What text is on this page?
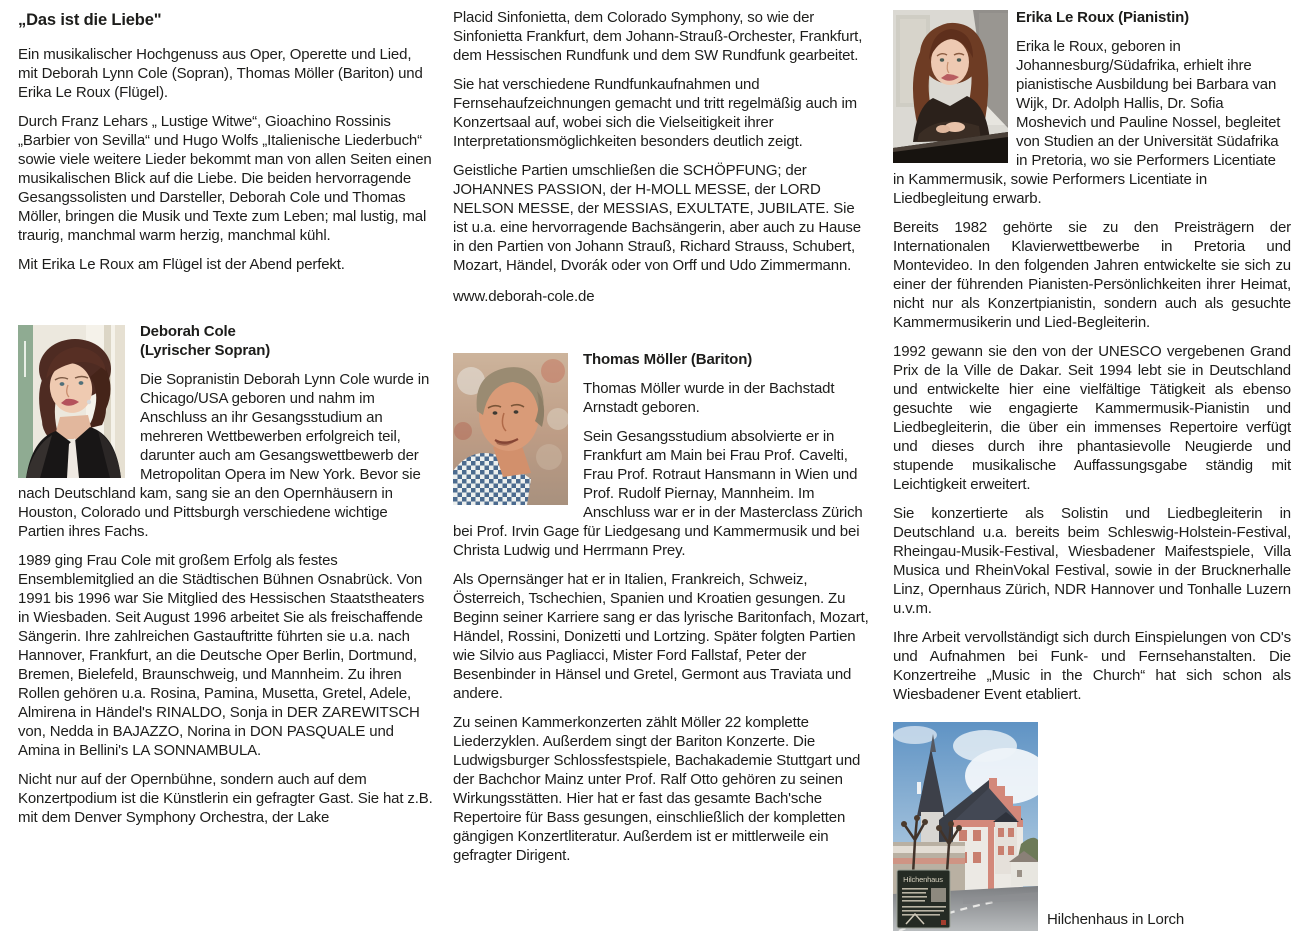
„Das ist die Liebe"

Ein musikalischer Hochgenuss aus Oper, Operette und Lied, mit Deborah Lynn Cole (Sopran), Thomas Möller (Bariton) und Erika Le Roux (Flügel).

Durch Franz Lehars „ Lustige Witwe“, Gioachino Rossinis „Barbier von Sevilla“ und Hugo Wolfs „Italienische Liederbuch“ sowie viele weitere Lieder bekommt man von allen Seiten einen musikalischen Blick auf die Liebe. Die beiden hervorragende Gesangssolisten und Darsteller, Deborah Cole und Thomas Möller, bringen die Musik und Texte zum Leben; mal lustig, mal traurig, manchmal warm herzig, manchmal kühl.

Mit Erika Le Roux am Flügel ist der Abend perfekt.

Deborah Cole
(Lyrischer Sopran)

Die Sopranistin Deborah Lynn Cole wurde in Chicago/USA geboren und nahm im Anschluss an ihr Gesangsstudium an mehreren Wettbewerben erfolgreich teil, darunter auch am Gesangswettbewerb der Metropolitan Opera im New York. Bevor sie nach Deutschland kam, sang sie an den Opernhäusern in Houston, Colorado und Pittsburgh verschiedene wichtige Partien ihres Fachs.

1989 ging Frau Cole mit großem Erfolg als festes Ensemblemitglied an die Städtischen Bühnen Osnabrück. Von 1991 bis 1996 war Sie Mitglied des Hessischen Staatstheaters in Wiesbaden. Seit August 1996 arbeitet Sie als freischaffende Sängerin. Ihre zahlreichen Gastauftritte führten sie u.a. nach Hannover, Frankfurt, an die Deutsche Oper Berlin, Dortmund, Bremen, Bielefeld, Braunschweig, und Mannheim. Zu ihren Rollen gehören u.a. Rosina, Pamina, Musetta, Gretel, Adele, Almirena in Händel's RINALDO, Sonja in DER ZAREWITSCH von, Nedda in BAJAZZO, Norina in DON PASQUALE und Amina in Bellini's LA SONNAMBULA.

Nicht nur auf der Opernbühne, sondern auch auf dem Konzertpodium ist die Künstlerin ein gefragter Gast. Sie hat z.B. mit dem Denver Symphony Orchestra, der Lake

Placid Sinfonietta, dem Colorado Symphony, so wie der Sinfonietta Frankfurt, dem Johann-Strauß-Orchester, Frankfurt, dem Hessischen Rundfunk und dem SW Rundfunk gearbeitet.

Sie hat verschiedene Rundfunkaufnahmen und Fernsehaufzeichnungen gemacht und tritt regelmäßig auch im Konzertsaal auf, wobei sich die Vielseitigkeit ihrer Interpretationsmöglichkeiten besonders deutlich zeigt.

Geistliche Partien umschließen die SCHÖPFUNG; der JOHANNES PASSION, der H-MOLL MESSE, der LORD NELSON MESSE, der MESSIAS, EXULTATE, JUBILATE. Sie ist u.a. eine hervorragende Bachsängerin, aber auch zu Hause in den Partien von Johann Strauß, Richard Strauss, Schubert, Mozart, Händel, Dvorák oder von Orff und Udo Zimmermann.

www.deborah-cole.de

Thomas Möller (Bariton)

Thomas Möller wurde in der Bachstadt Arnstadt geboren.

Sein Gesangsstudium absolvierte er in Frankfurt am Main bei Frau Prof. Cavelti, Frau Prof. Rotraut Hansmann in Wien und Prof. Rudolf Piernay, Mannheim. Im Anschluss war er in der Masterclass Zürich bei Prof. Irvin Gage für Liedgesang und Kammermusik und bei Christa Ludwig und Herrmann Prey.

Als Opernsänger hat er in Italien, Frankreich, Schweiz, Österreich, Tschechien, Spanien und Kroatien gesungen. Zu Beginn seiner Karriere sang er das lyrische Baritonfach, Mozart, Händel, Rossini, Donizetti und Lortzing. Später folgten Partien wie Silvio aus Pagliacci, Mister Ford Fallstaf, Peter der Besenbinder in Hänsel und Gretel, Germont aus Traviata und andere.

Zu seinen Kammerkonzerten zählt Möller 22 komplette Liederzyklen. Außerdem singt der Bariton Konzerte. Die Ludwigsburger Schlossfestspiele, Bachakademie Stuttgart und der Bachchor Mainz unter Prof. Ralf Otto gehören zu seinen Wirkungsstätten. Hier hat er fast das gesamte Bach'sche Repertoire für Bass gesungen, einschließlich der kompletten gängigen Konzertliteratur. Außerdem ist er mittlerweile ein gefragter Dirigent.

Erika Le Roux (Pianistin)

Erika le Roux, geboren in Johannesburg/Südafrika, erhielt ihre pianistische Ausbildung bei Barbara van Wijk, Dr. Adolph Hallis, Dr. Sofia Moshevich und Pauline Nossel, begleitet von Studien an der Universität Südafrika in Pretoria, wo sie Performers Licentiate in Kammermusik, sowie Performers Licentiate in Liedbegleitung erwarb.

Bereits 1982 gehörte sie zu den Preisträgern der Internationalen Klavierwettbewerbe in Pretoria und Montevideo. In den folgenden Jahren entwickelte sie sich zu einer der führenden Pianisten-Persönlichkeiten ihrer Heimat, nicht nur als Konzertpianistin, sondern auch als gesuchte Kammermusikerin und Lied-Begleiterin.

1992 gewann sie den von der UNESCO vergebenen Grand Prix de la Ville de Dakar. Seit 1994 lebt sie in Deutschland und entwickelte hier eine vielfältige Tätigkeit als ebenso gesuchte wie engagierte Kammermusik-Pianistin und Liedbegleiterin, die über ein immenses Repertoire verfügt und dieses durch ihre phantasievolle Neugierde und stupende musikalische Auffassungsgabe ständig mit Leichtigkeit erweitert.

Sie konzertierte als Solistin und Liedbegleiterin in Deutschland u.a. bereits beim Schleswig-Holstein-Festival, Rheingau-Musik-Festival, Wiesbadener Maifestspiele, Villa Musica und RheinVokal Festival, sowie in der Brucknerhalle Linz, Opernhaus Zürich, NDR Hannover und Tonhalle Luzern u.v.m.

Ihre Arbeit vervollständigt sich durch Einspielungen von CD's und Aufnahmen bei Funk- und Fernsehanstalten. Die Konzertreihe „Music in the Church“ hat sich schon als Wiesbadener Event etabliert.

Hilchenhaus
Hilchenhaus in Lorch
